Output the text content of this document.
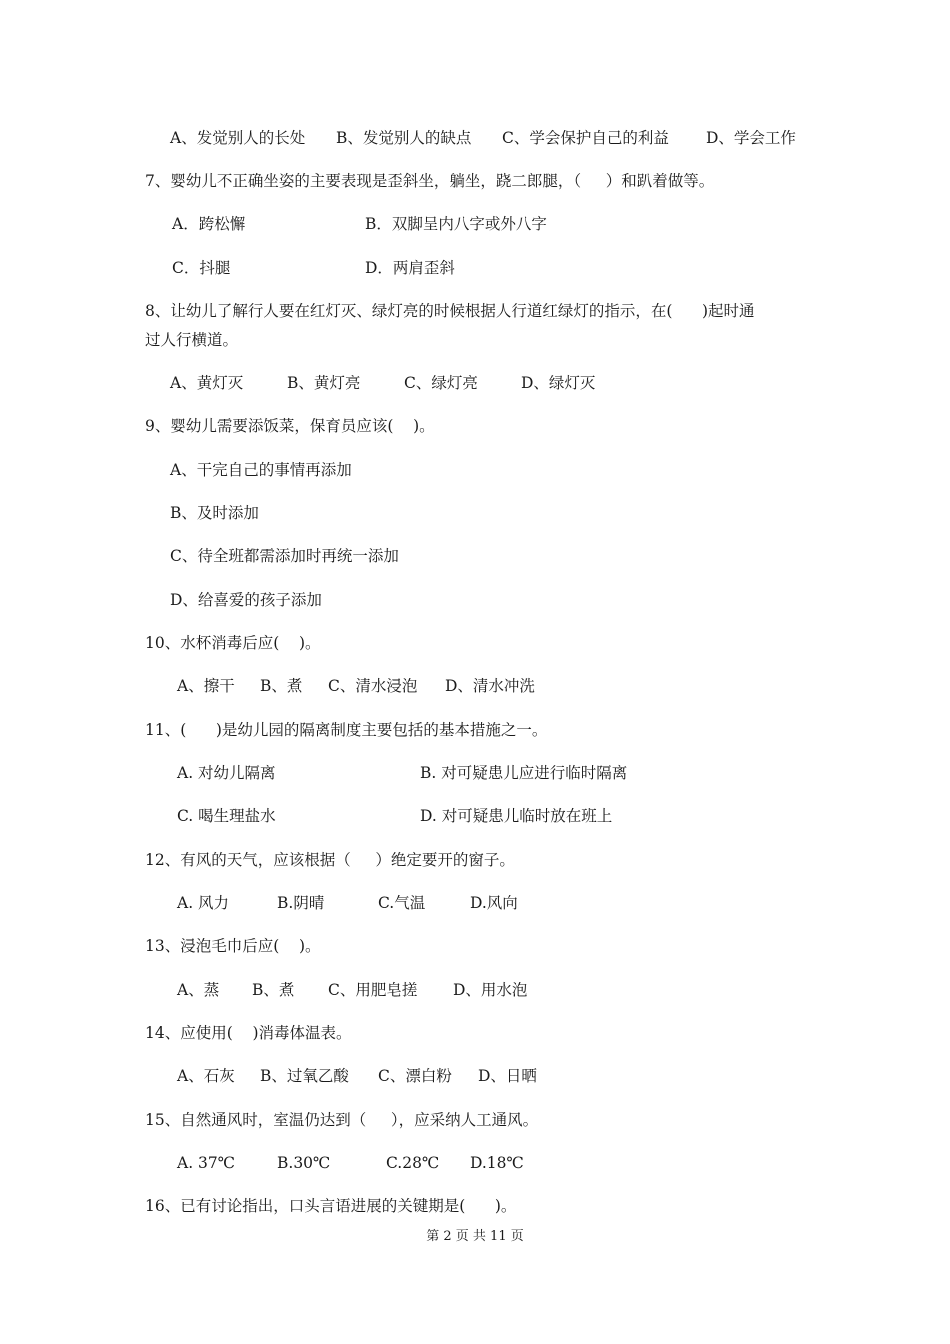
A、发觉别人的长处 B、发觉别人的缺点 C、学会保护自己的利益 D、学会工作
7、婴幼儿不正确坐姿的主要表现是歪斜坐，躺坐，跷二郎腿，（     ）和趴着做等。
A．跨松懈	B．双脚呈内八字或外八字
C．抖腿	D．两肩歪斜
8、让幼儿了解行人要在红灯灭、绿灯亮的时候根据人行道红绿灯的指示，在(      )起时通
过人行横道。
A、黄灯灭	B、黄灯亮	C、绿灯亮	D、绿灯灭
9、婴幼儿需要添饭菜，保育员应该(    )。
A、干完自己的事情再添加
B、及时添加
C、待全班都需添加时再统一添加
D、给喜爱的孩子添加
10、水杯消毒后应(    )。
A、擦干 B、煮 C、清水浸泡 D、清水冲洗
11、(      )是幼儿园的隔离制度主要包括的基本措施之一。
A. 对幼儿隔离	B. 对可疑患儿应进行临时隔离
C. 喝生理盐水	D. 对可疑患儿临时放在班上
12、有风的天气，应该根据（     ）绝定要开的窗子。
A. 风力	B.阴晴	C.气温	D.风向
13、浸泡毛巾后应(    )。
A、蒸 B、煮 C、用肥皂搓 D、用水泡
14、应使用(    )消毒体温表。
A、石灰 B、过氧乙酸 C、漂白粉 D、日晒
15、自然通风时，室温仍达到（     ），应采纳人工通风。
A. 37℃	B.30℃	C.28℃ D.18℃
16、已有讨论指出，口头言语进展的关键期是(      )。
第 2 页 共 11 页
